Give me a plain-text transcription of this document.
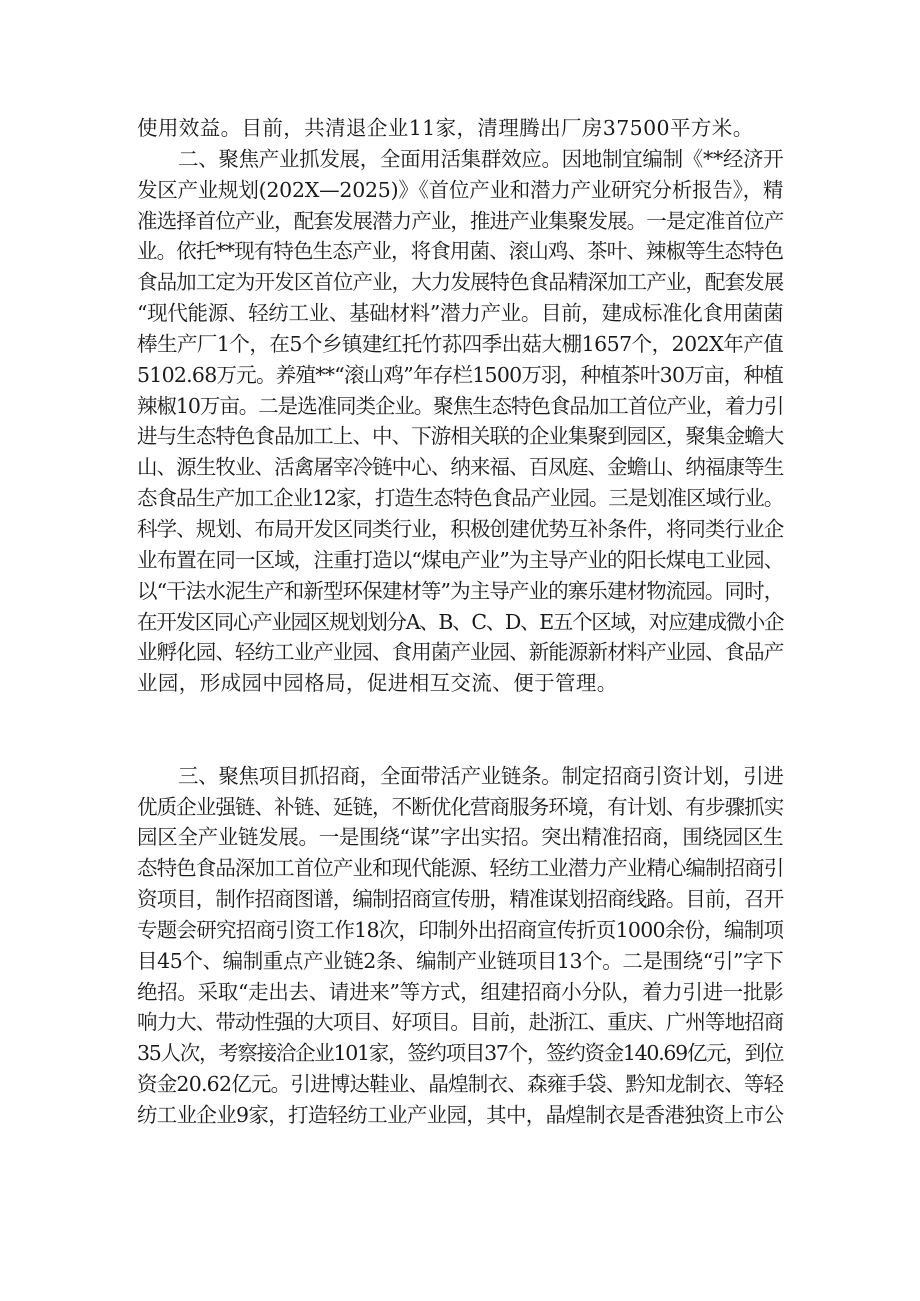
使用效益。目前，共清退企业11家，清理腾出厂房37500平方米。
二、聚焦产业抓发展，全面用活集群效应。因地制宜编制《**经济开
发区产业规划(202X—2025)》《首位产业和潜力产业研究分析报告》，精
准选择首位产业，配套发展潜力产业，推进产业集聚发展。一是定准首位产
业。依托**现有特色生态产业，将食用菌、滚山鸡、茶叶、辣椒等生态特色
食品加工定为开发区首位产业，大力发展特色食品精深加工产业，配套发展
“现代能源、轻纺工业、基础材料”潜力产业。目前，建成标准化食用菌菌
棒生产厂1个，在5个乡镇建红托竹荪四季出菇大棚1657个，202X年产值
5102.68万元。养殖**“滚山鸡”年存栏1500万羽，种植茶叶30万亩，种植
辣椒10万亩。二是选准同类企业。聚焦生态特色食品加工首位产业，着力引
进与生态特色食品加工上、中、下游相关联的企业集聚到园区，聚集金蟾大
山、源生牧业、活禽屠宰冷链中心、纳来福、百凤庭、金蟾山、纳福康等生
态食品生产加工企业12家，打造生态特色食品产业园。三是划准区域行业。
科学、规划、布局开发区同类行业，积极创建优势互补条件，将同类行业企
业布置在同一区域，注重打造以“煤电产业”为主导产业的阳长煤电工业园、
以“干法水泥生产和新型环保建材等”为主导产业的寨乐建材物流园。同时，
在开发区同心产业园区规划划分A、B、C、D、E五个区域，对应建成微小企
业孵化园、轻纺工业产业园、食用菌产业园、新能源新材料产业园、食品产
业园，形成园中园格局，促进相互交流、便于管理。
三、聚焦项目抓招商，全面带活产业链条。制定招商引资计划，引进
优质企业强链、补链、延链，不断优化营商服务环境，有计划、有步骤抓实
园区全产业链发展。一是围绕“谋”字出实招。突出精准招商，围绕园区生
态特色食品深加工首位产业和现代能源、轻纺工业潜力产业精心编制招商引
资项目，制作招商图谱，编制招商宣传册，精准谋划招商线路。目前，召开
专题会研究招商引资工作18次，印制外出招商宣传折页1000余份，编制项
目45个、编制重点产业链2条、编制产业链项目13个。二是围绕“引”字下
绝招。采取“走出去、请进来”等方式，组建招商小分队，着力引进一批影
响力大、带动性强的大项目、好项目。目前，赴浙江、重庆、广州等地招商
35人次，考察接洽企业101家，签约项目37个，签约资金140.69亿元，到位
资金20.62亿元。引进博达鞋业、晶煌制衣、森雍手袋、黔知龙制衣、等轻
纺工业企业9家，打造轻纺工业产业园，其中，晶煌制衣是香港独资上市公
